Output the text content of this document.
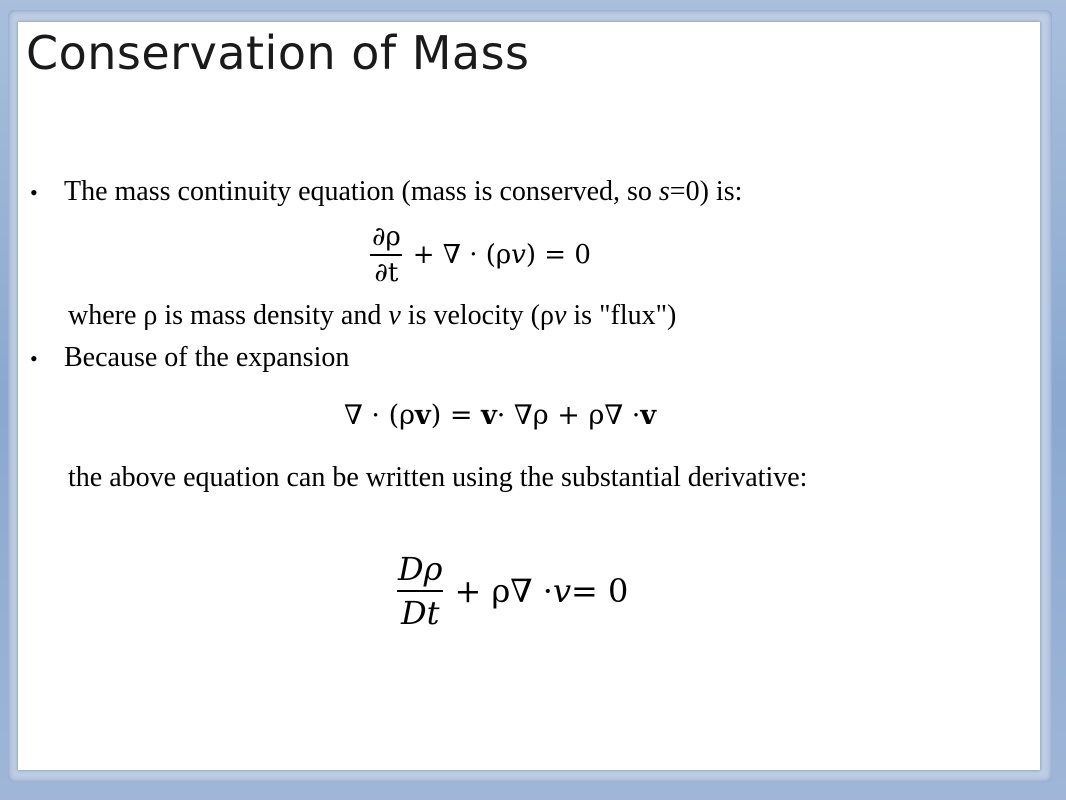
Conservation of Mass
• The mass continuity equation (mass is conserved, so s=0) is:
$\frac{\partial\rho}{\partial t}$ + ∇ · (ρ v ) = 0
where ρ is mass density and v is velocity (ρv is "flux")
• Because of the expansion
∇ · (ρ v ) =
v · ∇ρ + ρ∇ · v
the above equation can be written using the substantial derivative:
$\frac{D\rho}{Dt} + \rho\nabla \cdot v = 0$
